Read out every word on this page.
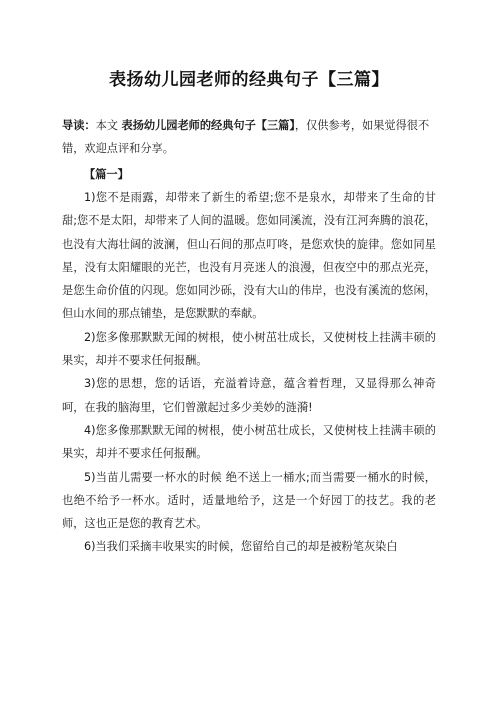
表扬幼儿园老师的经典句子【三篇】

导读：本文 表扬幼儿园老师的经典句子【三篇】，仅供参考，如果觉得很不错，欢迎点评和分享。

【篇一】

1)您不是雨露，却带来了新生的希望;您不是泉水，却带来了生命的甘甜;您不是太阳，却带来了人间的温暖。您如同溪流，没有江河奔腾的浪花，也没有大海壮阔的波澜，但山石间的那点叮咚，是您欢快的旋律。您如同星星，没有太阳耀眼的光芒，也没有月亮迷人的浪漫，但夜空中的那点光亮，是您生命价值的闪现。您如同沙砾，没有大山的伟岸，也没有溪流的悠闲，但山水间的那点铺垫，是您默默的奉献。

2)您多像那默默无闻的树根，使小树茁壮成长，又使树枝上挂满丰硕的果实，却并不要求任何报酬。

3)您的思想，您的话语，充溢着诗意，蕴含着哲理，又显得那么神奇呵，在我的脑海里，它们曾激起过多少美妙的涟漪!

4)您多像那默默无闻的树根，使小树茁壮成长，又使树枝上挂满丰硕的果实，却并不要求任何报酬。

5)当苗儿需要一杯水的时候 绝不送上一桶水;而当需要一桶水的时候，也绝不给予一杯水。适时，适量地给予，这是一个好园丁的技艺。我的老师，这也正是您的教育艺术。

6)当我们采摘丰收果实的时候，您留给自己的却是被粉笔灰染白
